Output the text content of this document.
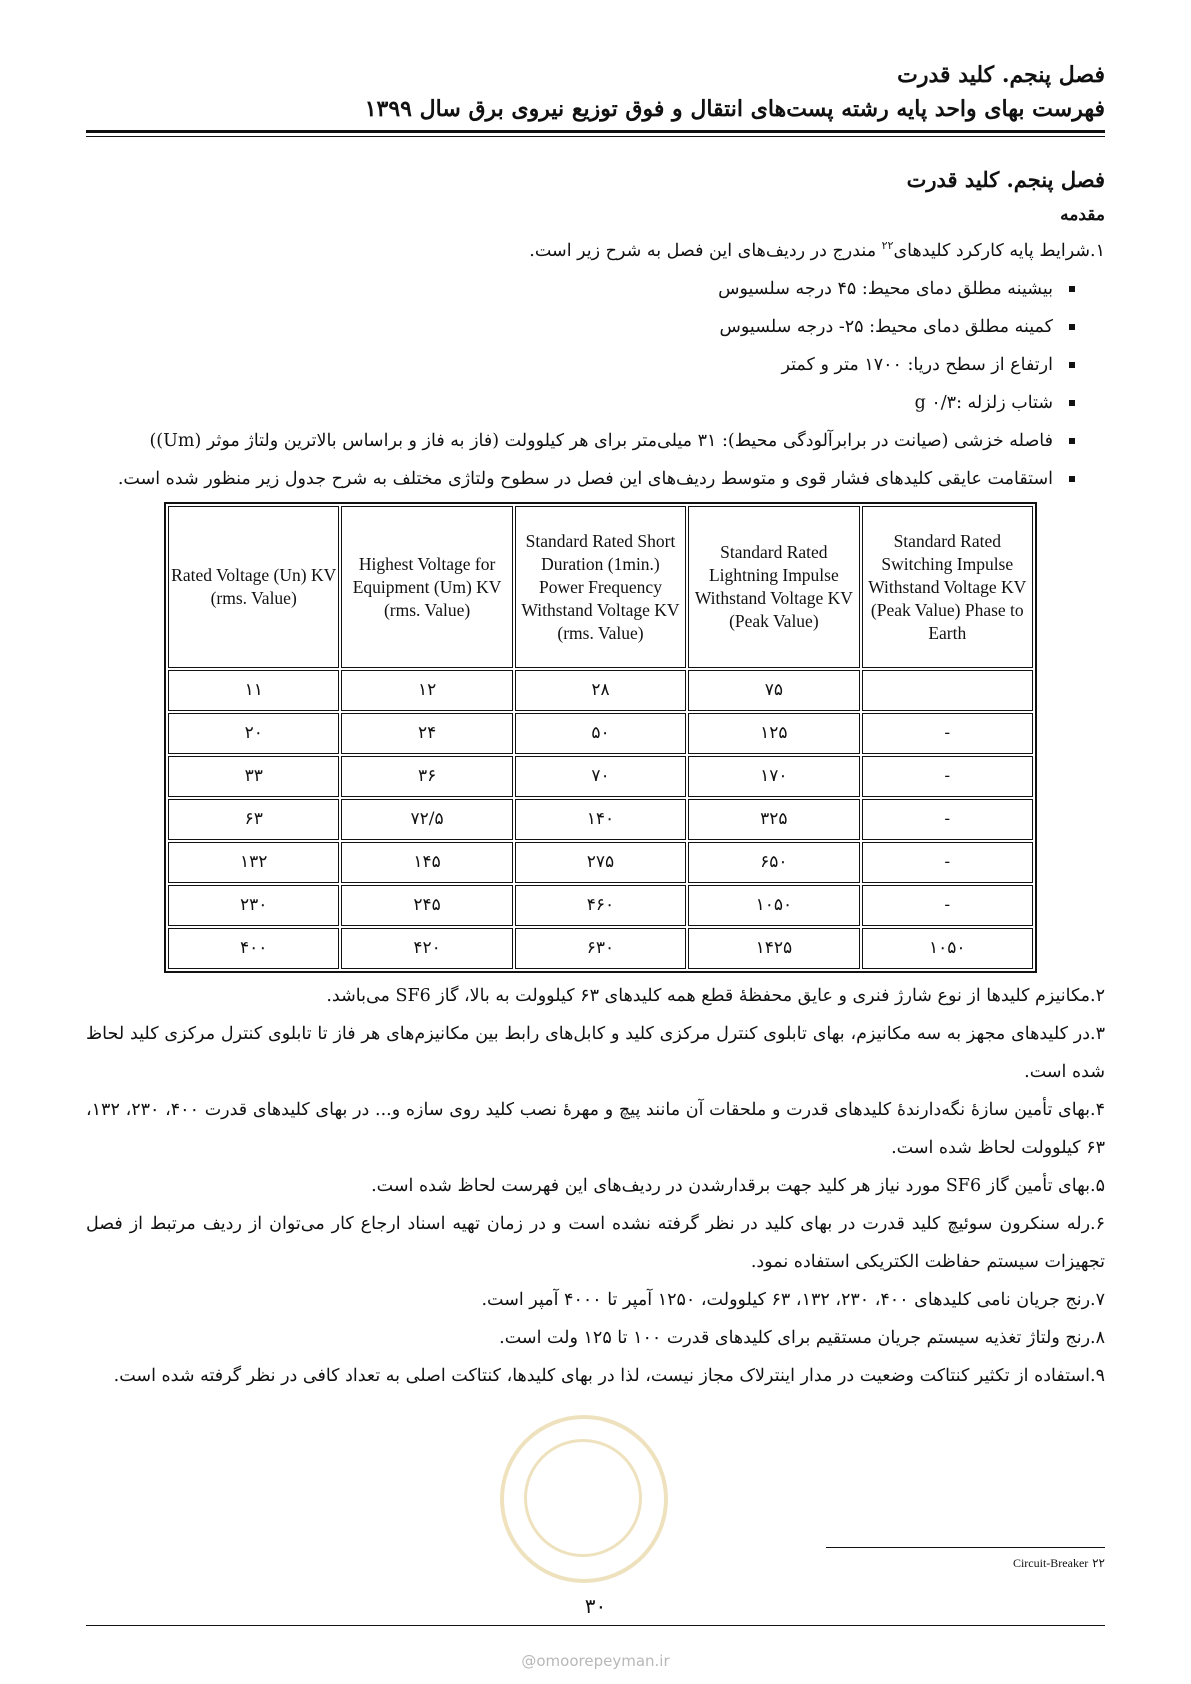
فصل پنجم. کلید قدرت
فهرست بهای واحد پایه رشته پست‌های انتقال و فوق توزیع نیروی برق سال ۱۳۹۹
فصل پنجم. کلید قدرت
مقدمه

۱.شرایط پایه کارکرد کلیدهای$^{۲۲}$ مندرج در ردیف‌های این فصل به شرح زیر است.

بیشینه مطلق دمای محیط: ۴۵ درجه سلسیوس
کمینه مطلق دمای محیط: ۲۵- درجه سلسیوس
ارتفاع از سطح دریا: ۱۷۰۰ متر و کمتر
شتاب زلزله :g ۰/۳
فاصله خزشی (صیانت در برابرآلودگی محیط): ۳۱ میلی‌متر برای هر کیلوولت (فاز به فاز و براساس بالاترین ولتاژ موثر (Um))
استقامت عایقی کلیدهای فشار قوی و متوسط ردیف‌های این فصل در سطوح ولتاژی مختلف به شرح جدول زیر منظور شده است.
Rated Voltage (Un) KV (rms. Value)	Highest Voltage for Equipment (Um) KV (rms. Value)	Standard Rated Short Duration (1min.) Power Frequency Withstand Voltage KV (rms. Value)	Standard Rated Lightning Impulse Withstand Voltage KV (Peak Value)	Standard Rated Switching Impulse Withstand Voltage KV (Peak Value) Phase to Earth
۱۱	۱۲	۲۸	۷۵	
۲۰	۲۴	۵۰	۱۲۵	-
۳۳	۳۶	۷۰	۱۷۰	-
۶۳	۷۲/۵	۱۴۰	۳۲۵	-
۱۳۲	۱۴۵	۲۷۵	۶۵۰	-
۲۳۰	۲۴۵	۴۶۰	۱۰۵۰	-
۴۰۰	۴۲۰	۶۳۰	۱۴۲۵	۱۰۵۰

۲.مکانیزم کلیدها از نوع شارژ فنری و عایق محفظهٔ قطع همه کلیدهای ۶۳ کیلوولت به بالا، گاز SF6 می‌باشد.

۳.در کلیدهای مجهز به سه مکانیزم، بهای تابلوی کنترل مرکزی کلید و کابل‌های رابط بین مکانیزم‌های هر فاز تا تابلوی کنترل مرکزی کلید لحاظ شده است.

۴.بهای تأمین سازهٔ نگه‌دارندهٔ کلیدهای قدرت و ملحقات آن مانند پیچ و مهرهٔ نصب کلید روی سازه و... در بهای کلیدهای قدرت ۴۰۰، ۲۳۰، ۱۳۲، ۶۳ کیلوولت لحاظ شده است.

۵.بهای تأمین گاز SF6 مورد نیاز هر کلید جهت برقدارشدن در ردیف‌های این فهرست لحاظ شده است.

۶.رله سنکرون سوئیچ کلید قدرت در بهای کلید در نظر گرفته نشده است و در زمان تهیه اسناد ارجاع کار می‌توان از ردیف مرتبط از فصل تجهیزات سیستم حفاظت الکتریکی استفاده نمود.

۷.رنج جریان نامی کلیدهای ۴۰۰، ۲۳۰، ۱۳۲، ۶۳ کیلوولت، ۱۲۵۰ آمپر تا ۴۰۰۰ آمپر است.

۸.رنج ولتاژ تغذیه سیستم جریان مستقیم برای کلیدهای قدرت ۱۰۰ تا ۱۲۵ ولت است.

۹.استفاده از تکثیر کنتاکت وضعیت در مدار اینترلاک مجاز نیست، لذا در بهای کلیدها، کنتاکت اصلی به تعداد کافی در نظر گرفته شده است.

۲۲ Circuit-Breaker
۳۰
@omoorepeyman.ir
